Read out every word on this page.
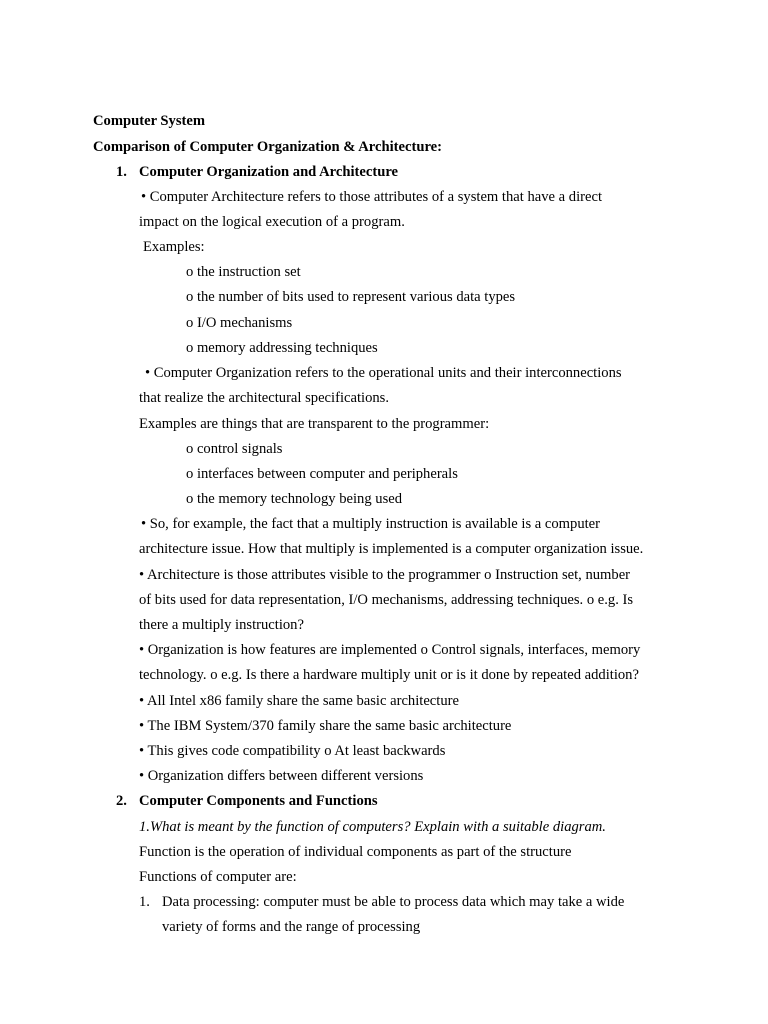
Computer System
Comparison of Computer Organization & Architecture:
1. Computer Organization and Architecture
• Computer Architecture refers to those attributes of a system that have a direct
impact on the logical execution of a program.
Examples:
o the instruction set
o the number of bits used to represent various data types
o I/O mechanisms
o memory addressing techniques
• Computer Organization refers to the operational units and their interconnections
that realize the architectural specifications.
Examples are things that are transparent to the programmer:
o control signals
o interfaces between computer and peripherals
o the memory technology being used
• So, for example, the fact that a multiply instruction is available is a computer
architecture issue. How that multiply is implemented is a computer organization issue.
• Architecture is those attributes visible to the programmer o Instruction set, number
of bits used for data representation, I/O mechanisms, addressing techniques. o e.g. Is
there a multiply instruction?
• Organization is how features are implemented o Control signals, interfaces, memory
technology. o e.g. Is there a hardware multiply unit or is it done by repeated addition?
• All Intel x86 family share the same basic architecture
• The IBM System/370 family share the same basic architecture
• This gives code compatibility o At least backwards
• Organization differs between different versions
2. Computer Components and Functions
1.What is meant by the function of computers? Explain with a suitable diagram.
Function is the operation of individual components as part of the structure
Functions of computer are:
1. Data processing: computer must be able to process data which may take a wide
variety of forms and the range of processing
